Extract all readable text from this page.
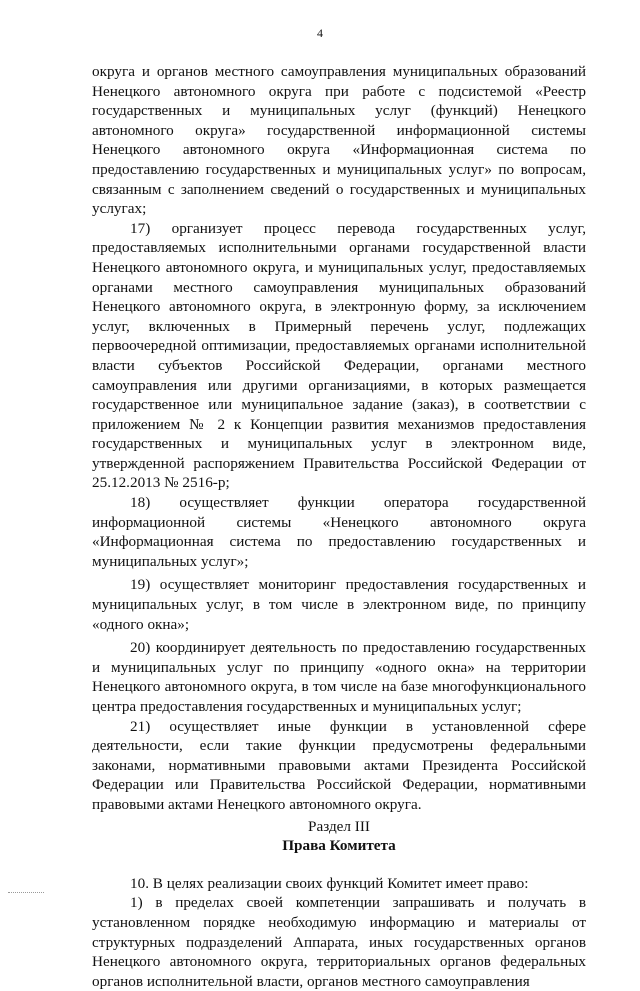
4

округа и органов местного самоуправления муниципальных образований Ненецкого автономного округа при работе с подсистемой «Реестр государственных и муниципальных услуг (функций) Ненецкого автономного округа» государственной информационной системы Ненецкого автономного округа «Информационная система по предоставлению государственных и муниципальных услуг» по вопросам, связанным с заполнением сведений о государственных и муниципальных услугах;

17) организует процесс перевода государственных услуг, предоставляемых исполнительными органами государственной власти Ненецкого автономного округа, и муниципальных услуг, предоставляемых органами местного самоуправления муниципальных образований Ненецкого автономного округа, в электронную форму, за исключением услуг, включенных в Примерный перечень услуг, подлежащих первоочередной оптимизации, предоставляемых органами исполнительной власти субъектов Российской Федерации, органами местного самоуправления или другими организациями, в которых размещается государственное или муниципальное задание (заказ), в соответствии с приложением № 2 к Концепции развития механизмов предоставления государственных и муниципальных услуг в электронном виде, утвержденной распоряжением Правительства Российской Федерации от 25.12.2013 № 2516-р;

18) осуществляет функции оператора государственной информационной системы «Ненецкого автономного округа «Информационная система по предоставлению государственных и муниципальных услуг»;

19) осуществляет мониторинг предоставления государственных и муниципальных услуг, в том числе в электронном виде, по принципу «одного окна»;

20) координирует деятельность по предоставлению государственных и муниципальных услуг по принципу «одного окна» на территории Ненецкого автономного округа, в том числе на базе многофункционального центра предоставления государственных и муниципальных услуг;

21) осуществляет иные функции в установленной сфере деятельности, если такие функции предусмотрены федеральными законами, нормативными правовыми актами Президента Российской Федерации или Правительства Российской Федерации, нормативными правовыми актами Ненецкого автономного округа.

Раздел III

Права Комитета

10. В целях реализации своих функций Комитет имеет право:

1) в пределах своей компетенции запрашивать и получать в установленном порядке необходимую информацию и материалы от структурных подразделений Аппарата, иных государственных органов Ненецкого автономного округа, территориальных органов федеральных органов исполнительной власти, органов местного самоуправления
